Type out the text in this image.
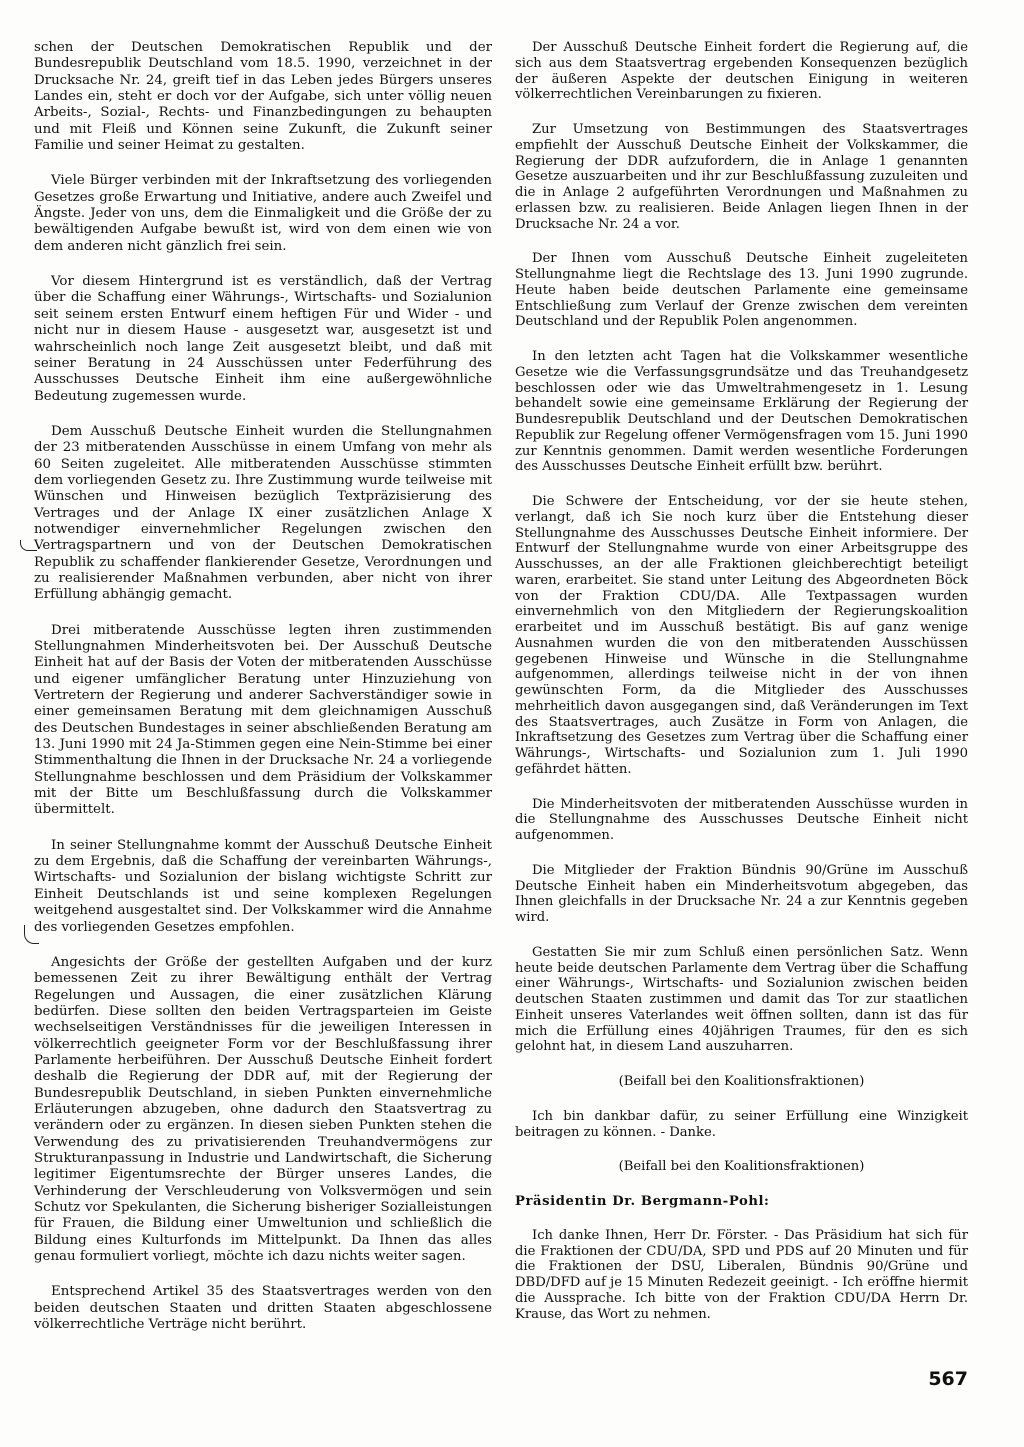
schen der Deutschen Demokratischen Republik und der Bundesrepublik Deutschland vom 18.5. 1990, verzeichnet in der Drucksache Nr. 24, greift tief in das Leben jedes Bürgers unseres Landes ein, steht er doch vor der Aufgabe, sich unter völlig neuen Arbeits-, Sozial-, Rechts- und Finanzbedingungen zu behaupten und mit Fleiß und Können seine Zukunft, die Zukunft seiner Familie und seiner Heimat zu gestalten.

Viele Bürger verbinden mit der Inkraftsetzung des vorliegenden Gesetzes große Erwartung und Initiative, andere auch Zweifel und Ängste. Jeder von uns, dem die Einmaligkeit und die Größe der zu bewältigenden Aufgabe bewußt ist, wird von dem einen wie von dem anderen nicht gänzlich frei sein.

Vor diesem Hintergrund ist es verständlich, daß der Vertrag über die Schaffung einer Währungs-, Wirtschafts- und Sozialunion seit seinem ersten Entwurf einem heftigen Für und Wider - und nicht nur in diesem Hause - ausgesetzt war, ausgesetzt ist und wahrscheinlich noch lange Zeit ausgesetzt bleibt, und daß mit seiner Beratung in 24 Ausschüssen unter Federführung des Ausschusses Deutsche Einheit ihm eine außergewöhnliche Bedeutung zugemessen wurde.

Dem Ausschuß Deutsche Einheit wurden die Stellungnahmen der 23 mitberatenden Ausschüsse in einem Umfang von mehr als 60 Seiten zugeleitet. Alle mitberatenden Ausschüsse stimmten dem vorliegenden Gesetz zu. Ihre Zustimmung wurde teilweise mit Wünschen und Hinweisen bezüglich Textpräzisierung des Vertrages und der Anlage IX einer zusätzlichen Anlage X notwendiger einvernehmlicher Regelungen zwischen den Vertragspartnern und von der Deutschen Demokratischen Republik zu schaffender flankierender Gesetze, Verordnungen und zu realisierender Maßnahmen verbunden, aber nicht von ihrer Erfüllung abhängig gemacht.

Drei mitberatende Ausschüsse legten ihren zustimmenden Stellungnahmen Minderheitsvoten bei. Der Ausschuß Deutsche Einheit hat auf der Basis der Voten der mitberatenden Ausschüsse und eigener umfänglicher Beratung unter Hinzuziehung von Vertretern der Regierung und anderer Sachverständiger sowie in einer gemeinsamen Beratung mit dem gleichnamigen Ausschuß des Deutschen Bundestages in seiner abschließenden Beratung am 13. Juni 1990 mit 24 Ja-Stimmen gegen eine Nein-Stimme bei einer Stimmenthaltung die Ihnen in der Drucksache Nr. 24 a vorliegende Stellungnahme beschlossen und dem Präsidium der Volkskammer mit der Bitte um Beschlußfassung durch die Volkskammer übermittelt.

In seiner Stellungnahme kommt der Ausschuß Deutsche Einheit zu dem Ergebnis, daß die Schaffung der vereinbarten Währungs-, Wirtschafts- und Sozialunion der bislang wichtigste Schritt zur Einheit Deutschlands ist und seine komplexen Regelungen weitgehend ausgestaltet sind. Der Volkskammer wird die Annahme des vorliegenden Gesetzes empfohlen.

Angesichts der Größe der gestellten Aufgaben und der kurz bemessenen Zeit zu ihrer Bewältigung enthält der Vertrag Regelungen und Aussagen, die einer zusätzlichen Klärung bedürfen. Diese sollten den beiden Vertragsparteien im Geiste wechselseitigen Verständnisses für die jeweiligen Interessen in völkerrechtlich geeigneter Form vor der Beschlußfassung ihrer Parlamente herbeiführen. Der Ausschuß Deutsche Einheit fordert deshalb die Regierung der DDR auf, mit der Regierung der Bundesrepublik Deutschland, in sieben Punkten einvernehmliche Erläuterungen abzugeben, ohne dadurch den Staatsvertrag zu verändern oder zu ergänzen. In diesen sieben Punkten stehen die Verwendung des zu privatisierenden Treuhandvermögens zur Strukturanpassung in Industrie und Landwirtschaft, die Sicherung legitimer Eigentumsrechte der Bürger unseres Landes, die Verhinderung der Verschleuderung von Volksvermögen und sein Schutz vor Spekulanten, die Sicherung bisheriger Sozialleistungen für Frauen, die Bildung einer Umweltunion und schließlich die Bildung eines Kulturfonds im Mittelpunkt. Da Ihnen das alles genau formuliert vorliegt, möchte ich dazu nichts weiter sagen.

Entsprechend Artikel 35 des Staatsvertrages werden von den beiden deutschen Staaten und dritten Staaten abgeschlossene völkerrechtliche Verträge nicht berührt.

Der Ausschuß Deutsche Einheit fordert die Regierung auf, die sich aus dem Staatsvertrag ergebenden Konsequenzen bezüglich der äußeren Aspekte der deutschen Einigung in weiteren völkerrechtlichen Vereinbarungen zu fixieren.

Zur Umsetzung von Bestimmungen des Staatsvertrages empfiehlt der Ausschuß Deutsche Einheit der Volkskammer, die Regierung der DDR aufzufordern, die in Anlage 1 genannten Gesetze auszuarbeiten und ihr zur Beschlußfassung zuzuleiten und die in Anlage 2 aufgeführten Verordnungen und Maßnahmen zu erlassen bzw. zu realisieren. Beide Anlagen liegen Ihnen in der Drucksache Nr. 24 a vor.

Der Ihnen vom Ausschuß Deutsche Einheit zugeleiteten Stellungnahme liegt die Rechtslage des 13. Juni 1990 zugrunde. Heute haben beide deutschen Parlamente eine gemeinsame Entschließung zum Verlauf der Grenze zwischen dem vereinten Deutschland und der Republik Polen angenommen.

In den letzten acht Tagen hat die Volkskammer wesentliche Gesetze wie die Verfassungsgrundsätze und das Treuhandgesetz beschlossen oder wie das Umweltrahmengesetz in 1. Lesung behandelt sowie eine gemeinsame Erklärung der Regierung der Bundesrepublik Deutschland und der Deutschen Demokratischen Republik zur Regelung offener Vermögensfragen vom 15. Juni 1990 zur Kenntnis genommen. Damit werden wesentliche Forderungen des Ausschusses Deutsche Einheit erfüllt bzw. berührt.

Die Schwere der Entscheidung, vor der sie heute stehen, verlangt, daß ich Sie noch kurz über die Entstehung dieser Stellungnahme des Ausschusses Deutsche Einheit informiere. Der Entwurf der Stellungnahme wurde von einer Arbeitsgruppe des Ausschusses, an der alle Fraktionen gleichberechtigt beteiligt waren, erarbeitet. Sie stand unter Leitung des Abgeordneten Böck von der Fraktion CDU/DA. Alle Textpassagen wurden einvernehmlich von den Mitgliedern der Regierungskoalition erarbeitet und im Ausschuß bestätigt. Bis auf ganz wenige Ausnahmen wurden die von den mitberatenden Ausschüssen gegebenen Hinweise und Wünsche in die Stellungnahme aufgenommen, allerdings teilweise nicht in der von ihnen gewünschten Form, da die Mitglieder des Ausschusses mehrheitlich davon ausgegangen sind, daß Veränderungen im Text des Staatsvertrages, auch Zusätze in Form von Anlagen, die Inkraftsetzung des Gesetzes zum Vertrag über die Schaffung einer Währungs-, Wirtschafts- und Sozialunion zum 1. Juli 1990 gefährdet hätten.

Die Minderheitsvoten der mitberatenden Ausschüsse wurden in die Stellungnahme des Ausschusses Deutsche Einheit nicht aufgenommen.

Die Mitglieder der Fraktion Bündnis 90/Grüne im Ausschuß Deutsche Einheit haben ein Minderheitsvotum abgegeben, das Ihnen gleichfalls in der Drucksache Nr. 24 a zur Kenntnis gegeben wird.

Gestatten Sie mir zum Schluß einen persönlichen Satz. Wenn heute beide deutschen Parlamente dem Vertrag über die Schaffung einer Währungs-, Wirtschafts- und Sozialunion zwischen beiden deutschen Staaten zustimmen und damit das Tor zur staatlichen Einheit unseres Vaterlandes weit öffnen sollten, dann ist das für mich die Erfüllung eines 40jährigen Traumes, für den es sich gelohnt hat, in diesem Land auszuharren.

(Beifall bei den Koalitionsfraktionen)

Ich bin dankbar dafür, zu seiner Erfüllung eine Winzigkeit beitragen zu können. - Danke.

(Beifall bei den Koalitionsfraktionen)

Präsidentin Dr. Bergmann-Pohl:

Ich danke Ihnen, Herr Dr. Förster. - Das Präsidium hat sich für die Fraktionen der CDU/DA, SPD und PDS auf 20 Minuten und für die Fraktionen der DSU, Liberalen, Bündnis 90/Grüne und DBD/DFD auf je 15 Minuten Redezeit geeinigt. - Ich eröffne hiermit die Aussprache. Ich bitte von der Fraktion CDU/DA Herrn Dr. Krause, das Wort zu nehmen.

567
